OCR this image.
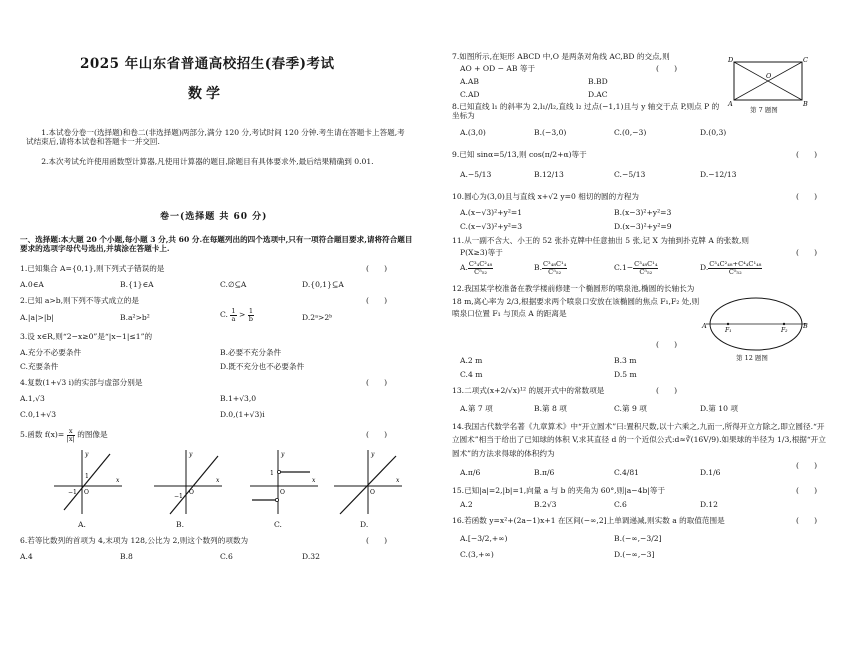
2025 年山东省普通高校招生(春季)考试
数学
1.本试卷分卷一(选择题)和卷二(非选择题)两部分,满分 120 分,考试时间 120 分钟.考生请在答题卡上答题,考试结束后,请将本试卷和答题卡一并交回.
2.本次考试允许使用函数型计算器,凡使用计算器的题目,除题目有具体要求外,最后结果精确到 0.01.
卷一(选择题 共 60 分)
一、选择题:本大题 20 个小题,每小题 3 分,共 60 分.在每题列出的四个选项中,只有一项符合题目要求,请将符合题目要求的选项字母代号选出,并填涂在答题卡上.
1.已知集合 A={0,1},则下列式子错误的是	(　　)
A.0∈A	B.{1}∈A	C.∅⊆A	D.{0,1}⊆A
2.已知 a>b,则下列不等式成立的是	(　　)
A.|a|>|b|	B.a²>b²	C. $\frac{1}{a} > \frac{1}{b}$	D.2ᵃ>2ᵇ
3.设 x∈R,则“2−x≥0”是“|x−1|≤1”的
A.充分不必要条件	B.必要不充分条件
C.充要条件	D.既不充分也不必要条件
4.复数(1+√3 i)的实部与虚部分别是	(　　)
A.1,√3	B.1+√3,0
C.0,1+√3	D.0,(1+√3)i
5.函数 $f(x)= \frac{x}{|x|}$ 的图像是	(　　)
1
−1 O
x
y
A.
O
−1
x
y
B.
1
O
x
y
C.
O
x
y
D.
6.若等比数列的首项为 4,末项为 128,公比为 2,则这个数列的项数为	(　　)
A.4	B.8	C.6	D.32
7.如图所示,在矩形 ABCD 中,O 是两条对角线 AC,BD 的交点,则
AO + OD − AB 等于	(　　)
A.AB	B.BD
C.AD	D.AC
D	C
A	B
O
第 7 题图
8.已知直线 l₁ 的斜率为 2,l₁//l₂,直线 l₂ 过点(−1,1)且与 y 轴交于点 P,则点 P 的坐标为
A.(3,0)	B.(−3,0)	C.(0,−3)	D.(0,3)
9.已知 sinα=5/13,则 cos(π/2+α)等于	(　　)
A.−5/13	B.12/13	C.−5/13	D.−12/13
10.圆心为(3,0)且与直线 x+√2 y=0 相切的圆的方程为	(　　)
A.(x−√3)²+y²=1	B.(x−3)²+y²=3
C.(x−√3)²+y²=3	D.(x−3)²+y²=9
11.从一副不含大、小王的 52 张扑克牌中任意抽出 5 张,记 X 为抽到扑克牌 A 的张数,则
P(X≥3)等于	(　　)
A. $\frac{\text{C³₄C²₄₈}}{\text{C⁵₅₂}}$	B. $\frac{\text{C³₄₈C¹₄}}{\text{C⁵₅₂}}$	$C.1- \frac{\text{C³₄₈C¹₄}}{\text{C⁵₅₂}}$	D. $\frac{\text{C³₄C²₄₈+C⁴₄C¹₄₈}}{\text{C⁵₅₂}}$
12.我国某学校准备在教学楼前修建一个椭圆形的喷泉池,椭圆的长轴长为 18 m,离心率为 2/3,根据要求两个喷泉口安放在该椭圆的焦点 F₁,F₂ 处,则喷泉口位置 F₁ 与顶点 A 的距离是
(　　)
A.2 m	B.3 m
C.4 m	D.5 m
A	B
F₁	F₂
第 12 题图
13.二项式(x+2/√x)¹² 的展开式中的常数项是	(　　)
A.第 7 项	B.第 8 项	C.第 9 项	D.第 10 项
14.我国古代数学名著《九章算术》中“开立圆术”曰:置积尺数,以十六乘之,九而一,所得开立方除之,即立圆径.“开立圆术”相当于给出了已知球的体积 V,求其直径 d 的一个近似公式:d≈∛(16V/9).如果球的半径为 1/3,根据“开立圆术”的方法求得球的体积约为
(　　)
A.π/6	B.π/6	C.4/81	D.1/6
15.已知|a|=2,|b|=1,向量 a 与 b 的夹角为 60°,则|a−4b|等于	(　　)
A.2	B.2√3	C.6	D.12
16.若函数 y=x²+(2a−1)x+1 在区间(−∞,2]上单调递减,则实数 a 的取值范围是	(　　)
A.[−3/2,+∞)	B.(−∞,−3/2]
C.(3,+∞)	D.(−∞,−3]
